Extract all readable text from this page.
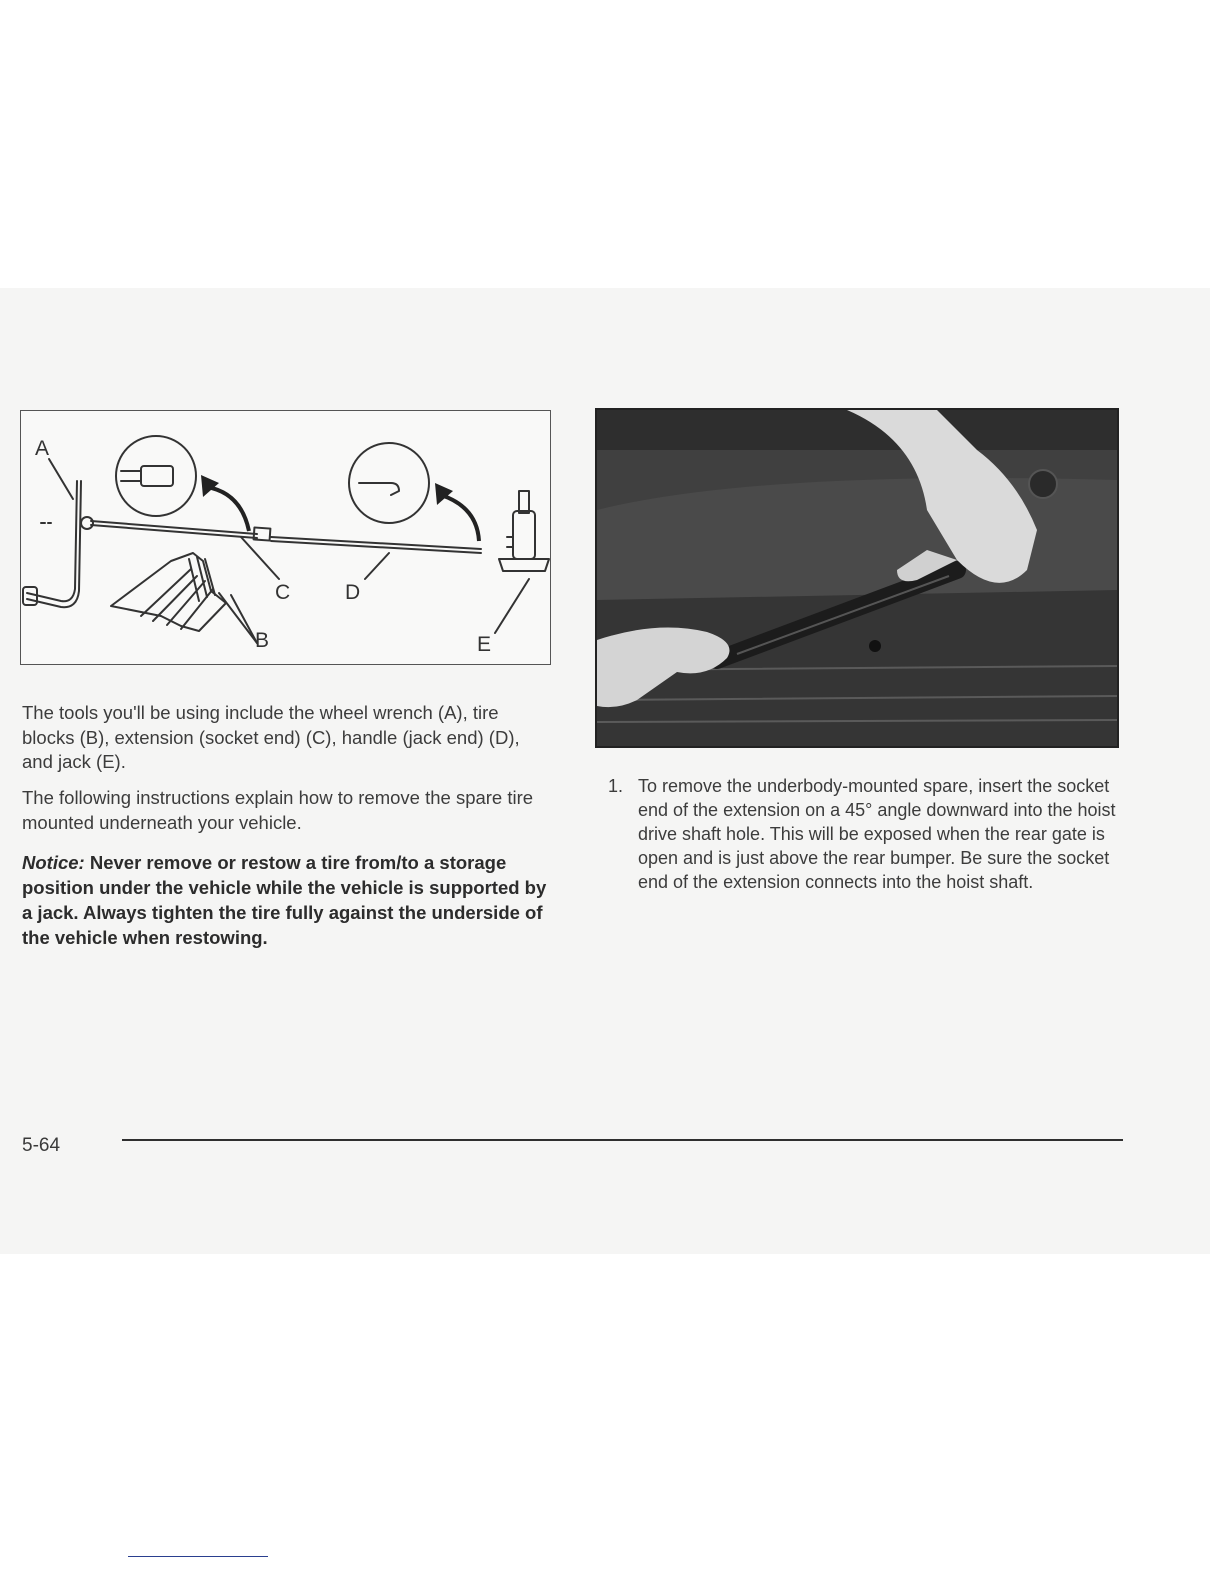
A
B
C	D
E

The tools you'll be using include the wheel wrench (A), tire blocks (B), extension (socket end) (C), handle (jack end) (D), and jack (E).

The following instructions explain how to remove the spare tire mounted underneath your vehicle.

Notice: Never remove or restow a tire from/to a storage position under the vehicle while the vehicle is supported by a jack. Always tighten the tire fully against the underside of the vehicle when restowing.

1. To remove the underbody-mounted spare, insert the socket end of the extension on a 45° angle downward into the hoist drive shaft hole. This will be exposed when the rear gate is open and is just above the rear bumper. Be sure the socket end of the extension connects into the hoist shaft.

5-64
